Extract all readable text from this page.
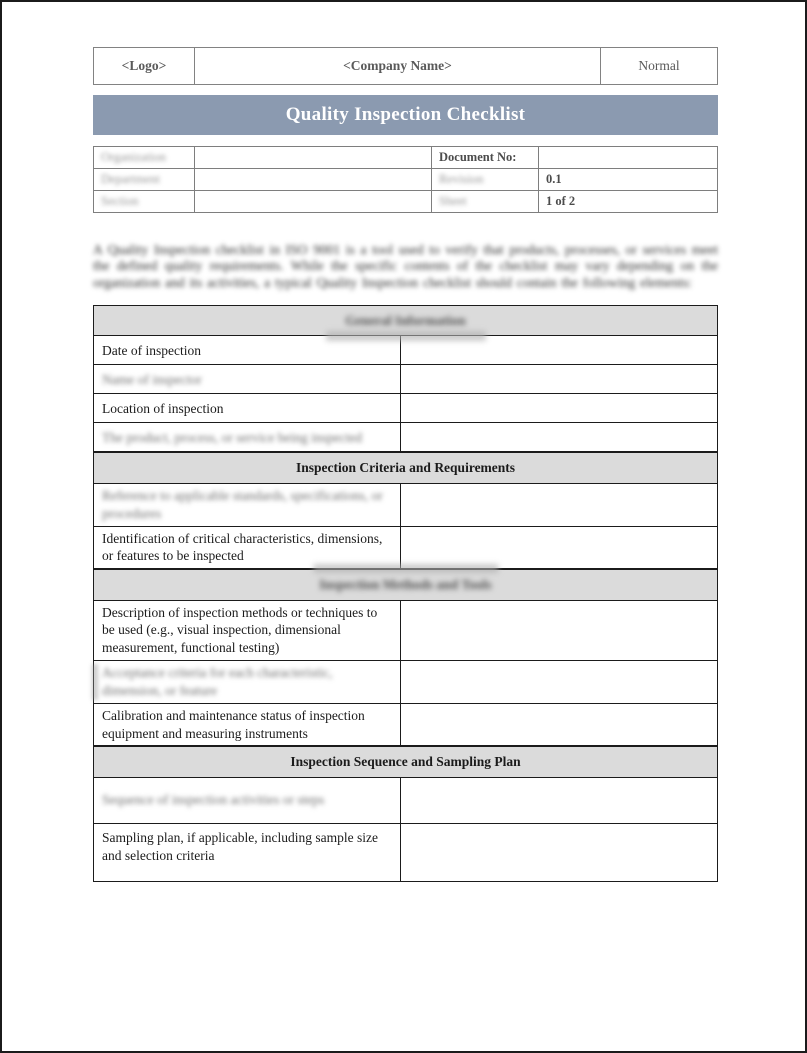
<Logo>	<Company Name>	Normal
Quality Inspection Checklist
Organization		Document No:	
Department		Revision	0.1
Section		Sheet	1 of 2

A Quality Inspection checklist in ISO 9001 is a tool used to verify that products, processes, or services meet the defined quality requirements. While the specific contents of the checklist may vary depending on the organization and its activities, a typical Quality Inspection checklist should contain the following elements:

General Information
Date of inspection
Name of inspector
Location of inspection
The product, process, or service being inspected
Inspection Criteria and Requirements
Reference to applicable standards, specifications, or procedures
Identification of critical characteristics, dimensions, or features to be inspected
Inspection Methods and Tools
Description of inspection methods or techniques to be used (e.g., visual inspection, dimensional measurement, functional testing)
Acceptance criteria for each characteristic, dimension, or feature
Calibration and maintenance status of inspection equipment and measuring instruments
Inspection Sequence and Sampling Plan
Sequence of inspection activities or steps
Sampling plan, if applicable, including sample size and selection criteria
